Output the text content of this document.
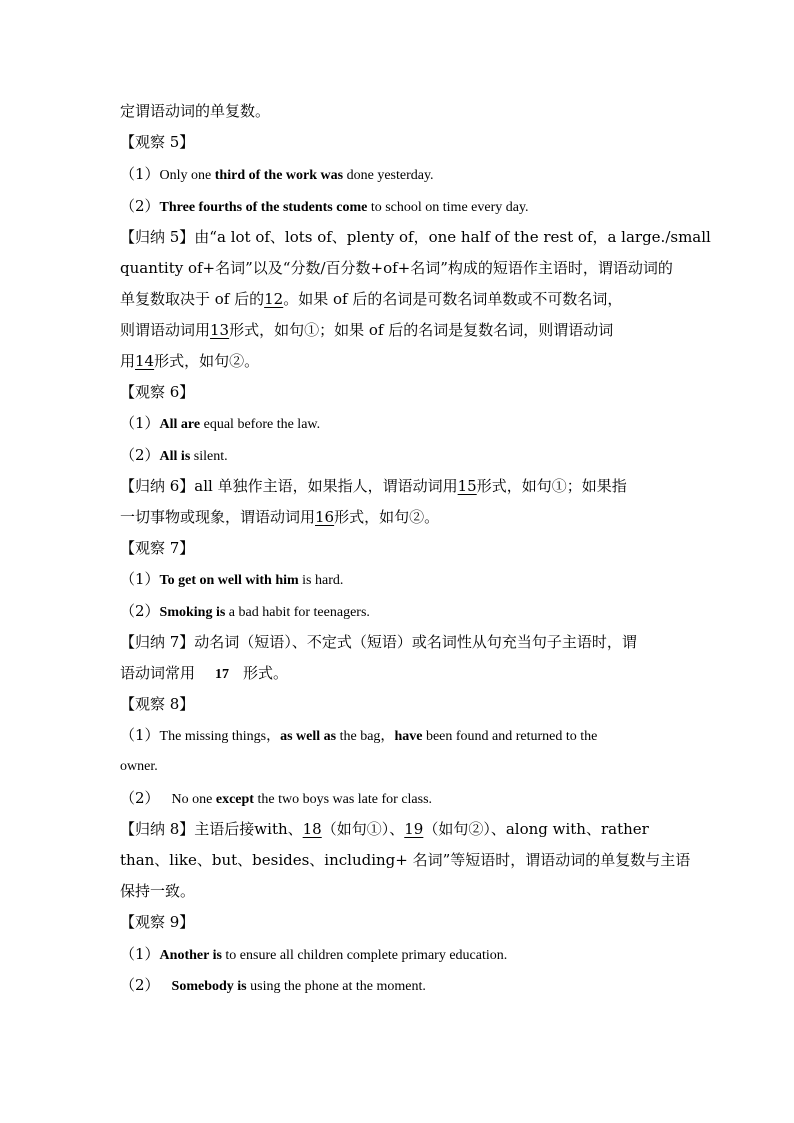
定谓语动词的单复数。
【观察 5】
（1）Only one third of the work was done yesterday.
（2）Three fourths of the students come to school on time every day.
【归纳 5】由“a lot of、lots of、plenty of，one half of the rest of，a large./small
quantity of+名词”以及“分数/百分数+of+名词”构成的短语作主语时，谓语动词的
单复数取决于 of 后的12。如果 of 后的名词是可数名词单数或不可数名词，
则谓语动词用13形式，如句①；如果 of 后的名词是复数名词，则谓语动词
用14形式，如句②。
【观察 6】
（1）All are equal before the law.
（2）All is silent.
【归纳 6】all 单独作主语，如果指人，谓语动词用15形式，如句①；如果指
一切事物或现象，谓语动词用16形式，如句②。
【观察 7】
（1）To get on well with him is hard.
（2）Smoking is a bad habit for teenagers.
【归纳 7】动名词（短语）、不定式（短语）或名词性从句充当句子主语时，谓
语动词常用 17 形式。
【观察 8】
（1）The missing things，as well as the bag，have been found and returned to the
owner.
（2） No one except the two boys was late for class.
【归纳 8】主语后接with、18（如句①）、19（如句②）、along with、rather
than、like、but、besides、including+ 名词”等短语时，谓语动词的单复数与主语
保持一致。
【观察 9】
（1）Another is to ensure all children complete primary education.
（2） Somebody is using the phone at the moment.
